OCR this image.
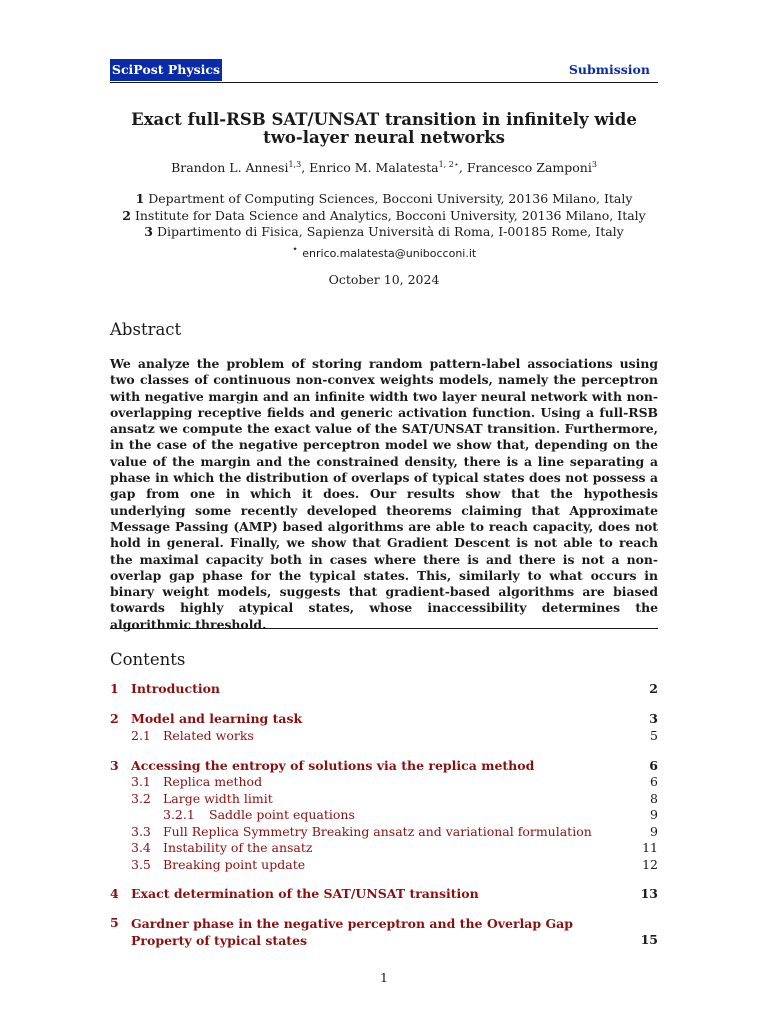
SciPost Physics	Submission
Exact full-RSB SAT/UNSAT transition in infinitely wide two-layer neural networks
Brandon L. Annesi$^{1,3}$, Enrico M. Malatesta$^{1, 2⋆}$, Francesco Zamponi$^3$
1 Department of Computing Sciences, Bocconi University, 20136 Milano, Italy
2 Institute for Data Science and Analytics, Bocconi University, 20136 Milano, Italy
3 Dipartimento di Fisica, Sapienza Università di Roma, I-00185 Rome, Italy
⋆ enrico.malatesta@unibocconi.it
October 10, 2024
Abstract
We analyze the problem of storing random pattern-label associations using two classes of continuous non-convex weights models, namely the perceptron with negative margin and an infinite width two layer neural network with non-overlapping receptive fields and generic activation function. Using a full-RSB ansatz we compute the exact value of the SAT/UNSAT transition. Furthermore, in the case of the negative perceptron model we show that, depending on the value of the margin and the constrained density, there is a line separating a phase in which the distribution of overlaps of typical states does not possess a gap from one in which it does. Our results show that the hypothesis underlying some recently developed theorems claiming that Approximate Message Passing (AMP) based algorithms are able to reach capacity, does not hold in general. Finally, we show that Gradient Descent is not able to reach the maximal capacity both in cases where there is and there is not a non-overlap gap phase for the typical states. This, similarly to what occurs in binary weight models, suggests that gradient-based algorithms are biased towards highly atypical states, whose inaccessibility determines the algorithmic threshold.
Contents
1 Introduction	2
2 Model and learning task	3
2.1 Related works	5
3 Accessing the entropy of solutions via the replica method	6
3.1 Replica method	6
3.2 Large width limit	8
3.2.1 Saddle point equations	9
3.3 Full Replica Symmetry Breaking ansatz and variational formulation	9
3.4 Instability of the ansatz	11
3.5 Breaking point update	12
4 Exact determination of the SAT/UNSAT transition	13
5 Gardner phase in the negative perceptron and the Overlap Gap Property of typical states	15
1
